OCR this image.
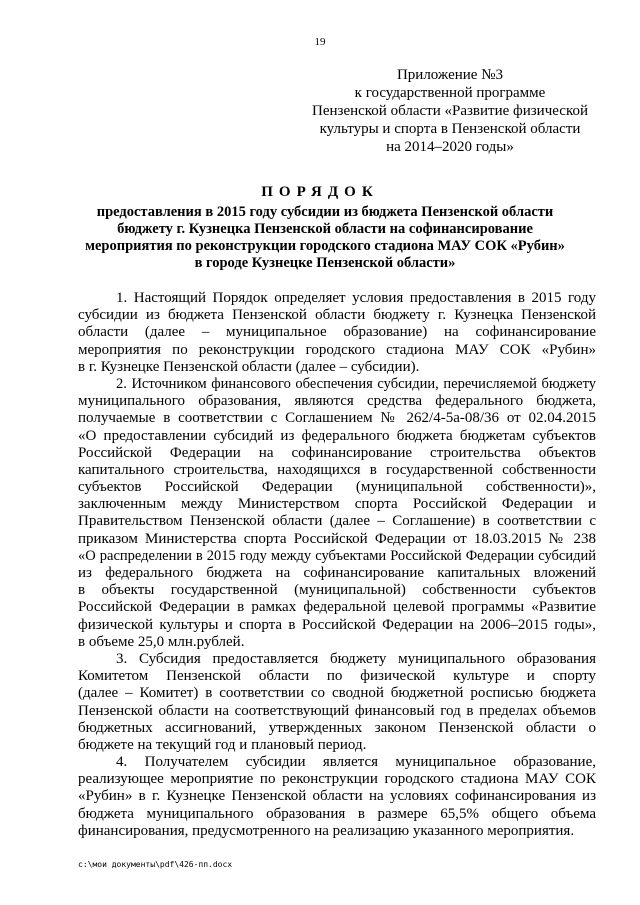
19
Приложение №3
к государственной программе
Пензенской области «Развитие физической
культуры и спорта в Пензенской области
на 2014–2020 годы»
ПОРЯДОК
предоставления в 2015 году субсидии из бюджета Пензенской области
бюджету г. Кузнецка Пензенской области на софинансирование
мероприятия по реконструкции городского стадиона МАУ СОК «Рубин»
в городе Кузнецке Пензенской области»
1. Настоящий Порядок определяет условия предоставления в 2015 году
субсидии из бюджета Пензенской области бюджету г. Кузнецка Пензенской
области (далее – муниципальное образование) на софинансирование
мероприятия по реконструкции городского стадиона МАУ СОК «Рубин»
в г. Кузнецке Пензенской области (далее – субсидии).
2. Источником финансового обеспечения субсидии, перечисляемой бюджету
муниципального образования, являются средства федерального бюджета,
получаемые в соответствии с Соглашением № 262/4-5а-08/36 от 02.04.2015
«О предоставлении субсидий из федерального бюджета бюджетам субъектов
Российской Федерации на софинансирование строительства объектов
капитального строительства, находящихся в государственной собственности
субъектов Российской Федерации (муниципальной собственности)»,
заключенным между Министерством спорта Российской Федерации и
Правительством Пензенской области (далее – Соглашение) в соответствии с
приказом Министерства спорта Российской Федерации от 18.03.2015 № 238
«О распределении в 2015 году между субъектами Российской Федерации субсидий
из федерального бюджета на софинансирование капитальных вложений
в объекты государственной (муниципальной) собственности субъектов
Российской Федерации в рамках федеральной целевой программы «Развитие
физической культуры и спорта в Российской Федерации на 2006–2015 годы»,
в объеме 25,0 млн.рублей.
3. Субсидия предоставляется бюджету муниципального образования
Комитетом Пензенской области по физической культуре и спорту
(далее – Комитет) в соответствии со сводной бюджетной росписью бюджета
Пензенской области на соответствующий финансовый год в пределах объемов
бюджетных ассигнований, утвержденных законом Пензенской области о
бюджете на текущий год и плановый период.
4. Получателем субсидии является муниципальное образование,
реализующее мероприятие по реконструкции городского стадиона МАУ СОК
«Рубин» в г. Кузнецке Пензенской области на условиях софинансирования из
бюджета муниципального образования в размере 65,5% общего объема
финансирования, предусмотренного на реализацию указанного мероприятия.
c:\мои документы\pdf\426-пп.docx
